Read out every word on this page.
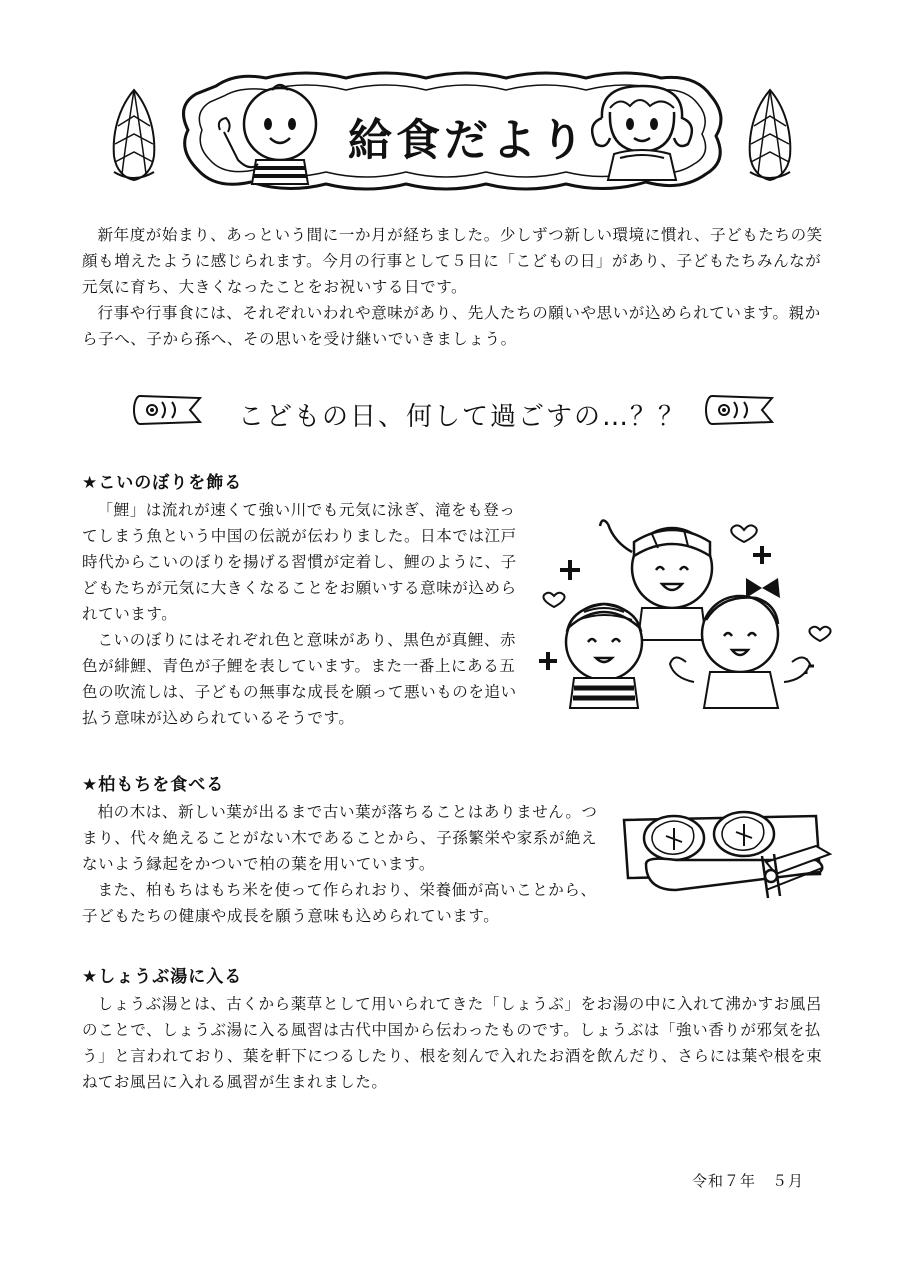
給食だより

新年度が始まり、あっという間に一か月が経ちました。少しずつ新しい環境に慣れ、子どもたちの笑顔も増えたように感じられます。今月の行事として５日に「こどもの日」があり、子どもたちみんなが元気に育ち、大きくなったことをお祝いする日です。

行事や行事食には、それぞれいわれや意味があり、先人たちの願いや思いが込められています。親から子へ、子から孫へ、その思いを受け継いでいきましょう。

こどもの日、何して過ごすの…？？

★こいのぼりを飾る

「鯉」は流れが速くて強い川でも元気に泳ぎ、滝をも登ってしまう魚という中国の伝説が伝わりました。日本では江戸時代からこいのぼりを揚げる習慣が定着し、鯉のように、子どもたちが元気に大きくなることをお願いする意味が込められています。

こいのぼりにはそれぞれ色と意味があり、黒色が真鯉、赤色が緋鯉、青色が子鯉を表しています。また一番上にある五色の吹流しは、子どもの無事な成長を願って悪いものを追い払う意味が込められているそうです。

★柏もちを食べる

柏の木は、新しい葉が出るまで古い葉が落ちることはありません。つまり、代々絶えることがない木であることから、子孫繁栄や家系が絶えないよう縁起をかついで柏の葉を用いています。

また、柏もちはもち米を使って作られおり、栄養価が高いことから、子どもたちの健康や成長を願う意味も込められています。

★しょうぶ湯に入る

しょうぶ湯とは、古くから薬草として用いられてきた「しょうぶ」をお湯の中に入れて沸かすお風呂のことで、しょうぶ湯に入る風習は古代中国から伝わったものです。しょうぶは「強い香りが邪気を払う」と言われており、葉を軒下につるしたり、根を刻んで入れたお酒を飲んだり、さらには葉や根を束ねてお風呂に入れる風習が生まれました。

令和７年　５月
